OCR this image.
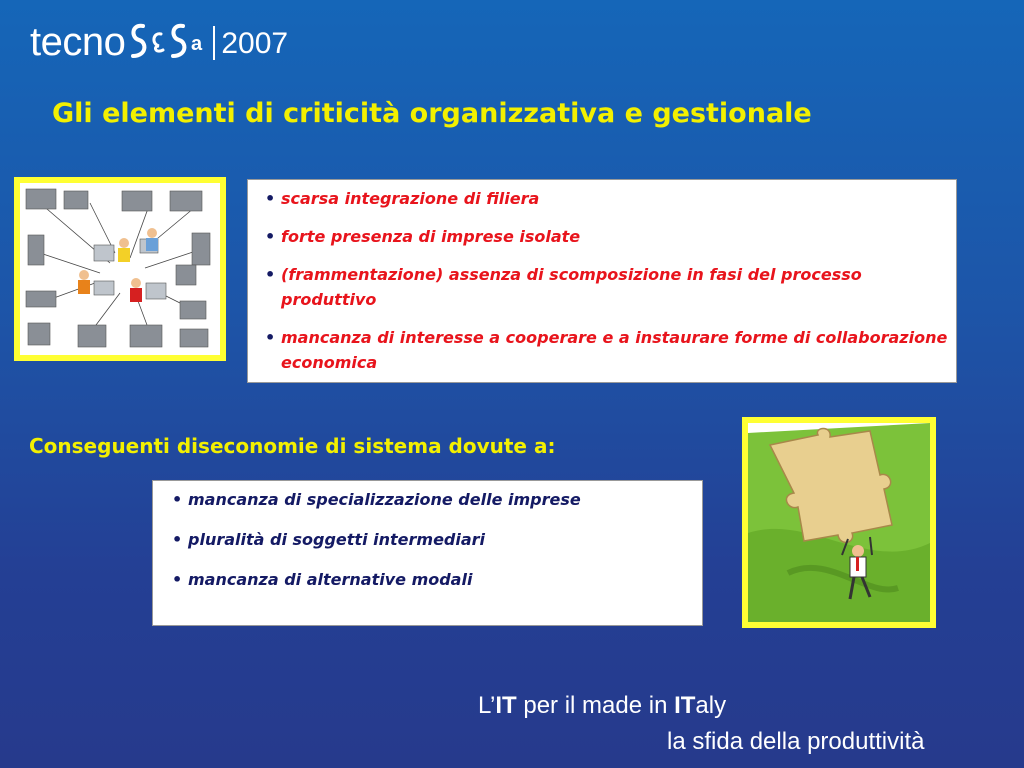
tecno	a 2007
Gli elementi di criticità organizzativa e gestionale
• scarsa integrazione di filiera
• forte presenza di imprese isolate
• (frammentazione) assenza di scomposizione in fasi del processo produttivo
• mancanza di interesse a cooperare e a instaurare forme di collaborazione economica
Conseguenti diseconomie di sistema dovute a:
• mancanza di specializzazione delle imprese
• pluralità di soggetti intermediari
• mancanza di alternative modali
L’IT per il made in ITaly
la sfida della produttività
